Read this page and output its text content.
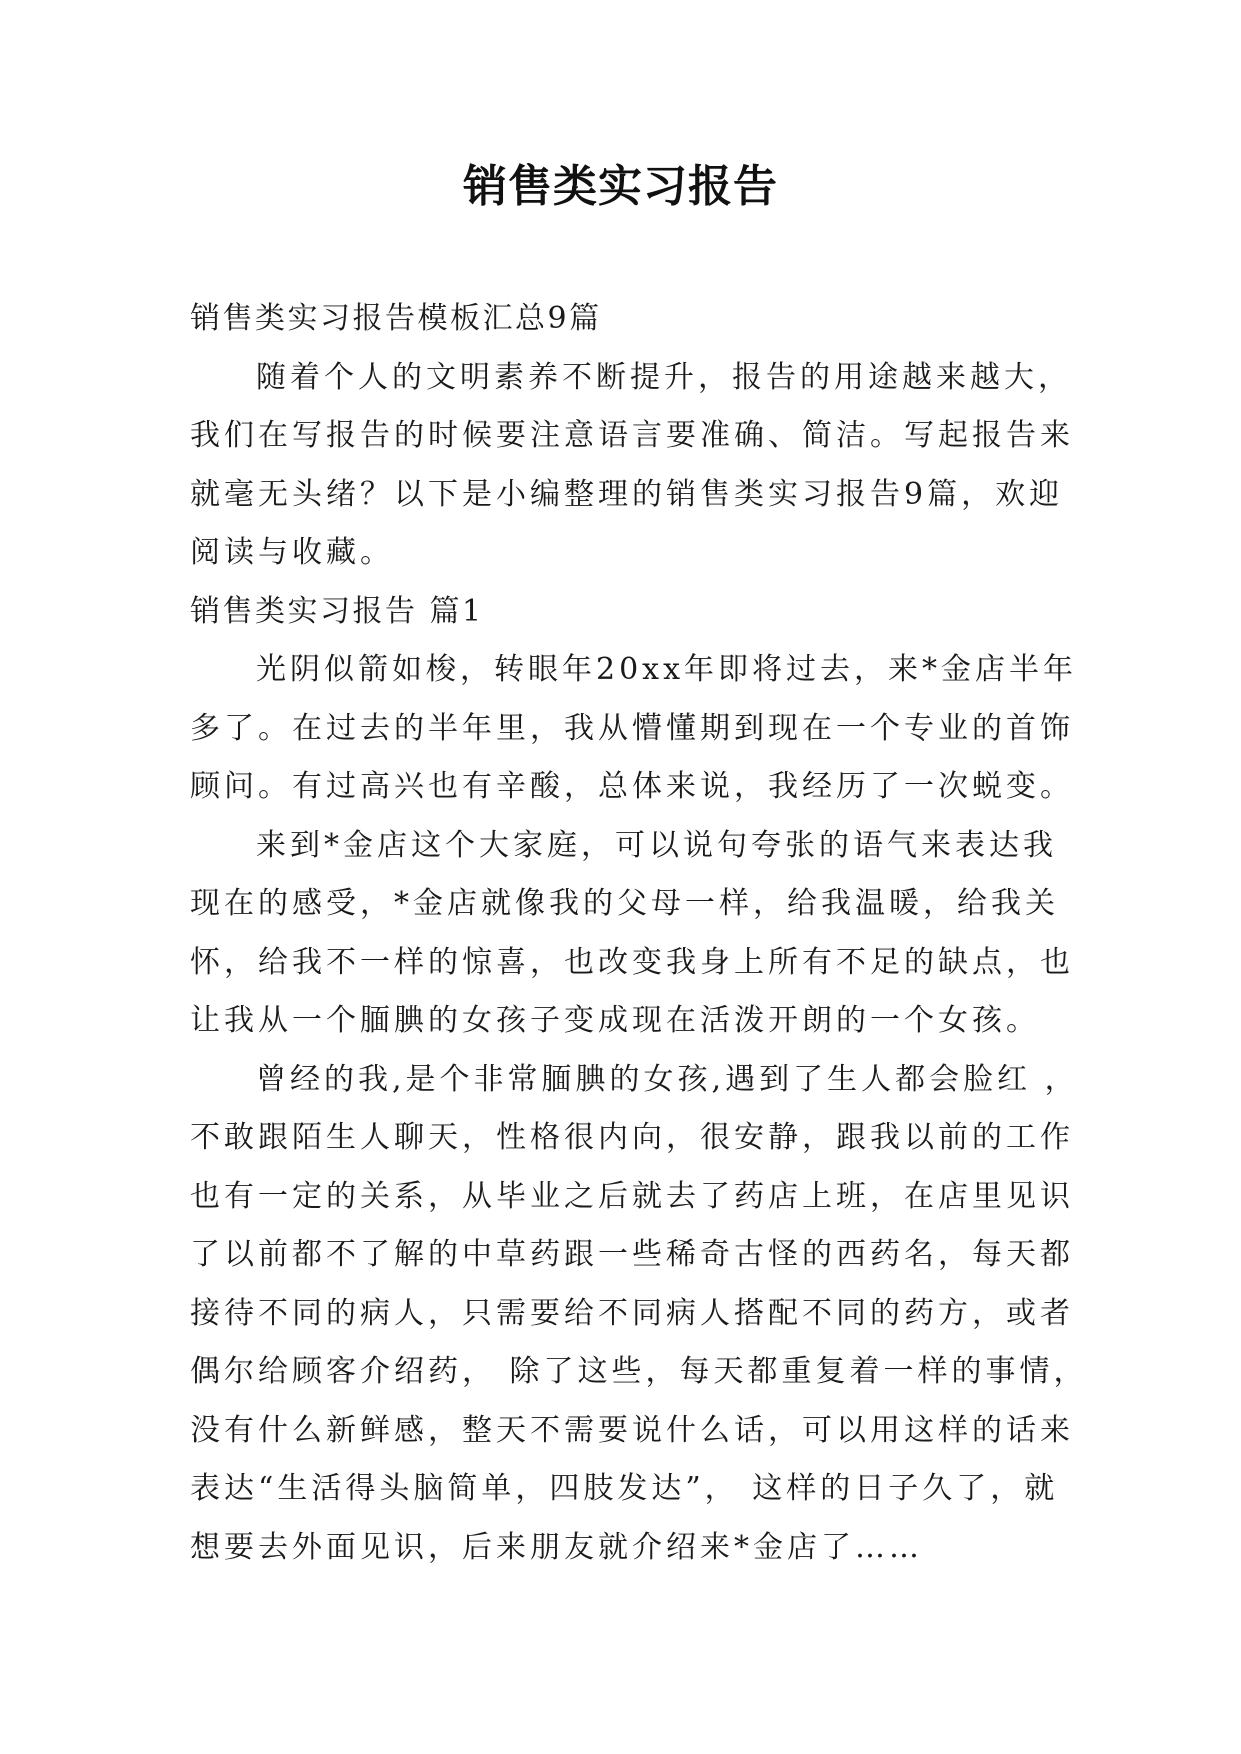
销售类实习报告
销售类实习报告模板汇总9篇
随着个人的文明素养不断提升，报告的用途越来越大，
我们在写报告的时候要注意语言要准确、简洁。写起报告来
就毫无头绪？以下是小编整理的销售类实习报告9篇，欢迎
阅读与收藏。
销售类实习报告 篇1
光阴似箭如梭，转眼年20xx年即将过去，来*金店半年
多了。在过去的半年里，我从懵懂期到现在一个专业的首饰
顾问。有过高兴也有辛酸，总体来说，我经历了一次蜕变。
来到*金店这个大家庭，可以说句夸张的语气来表达我
现在的感受，*金店就像我的父母一样，给我温暖，给我关
怀，给我不一样的惊喜，也改变我身上所有不足的缺点，也
让我从一个腼腆的女孩子变成现在活泼开朗的一个女孩。
曾经的我,是个非常腼腆的女孩,遇到了生人都会脸红 ，
不敢跟陌生人聊天，性格很内向，很安静，跟我以前的工作
也有一定的关系，从毕业之后就去了药店上班，在店里见识
了以前都不了解的中草药跟一些稀奇古怪的西药名，每天都
接待不同的病人，只需要给不同病人搭配不同的药方，或者
偶尔给顾客介绍药， 除了这些，每天都重复着一样的事情，
没有什么新鲜感，整天不需要说什么话，可以用这样的话来
表达“生活得头脑简单，四肢发达”， 这样的日子久了，就
想要去外面见识，后来朋友就介绍来*金店了……
